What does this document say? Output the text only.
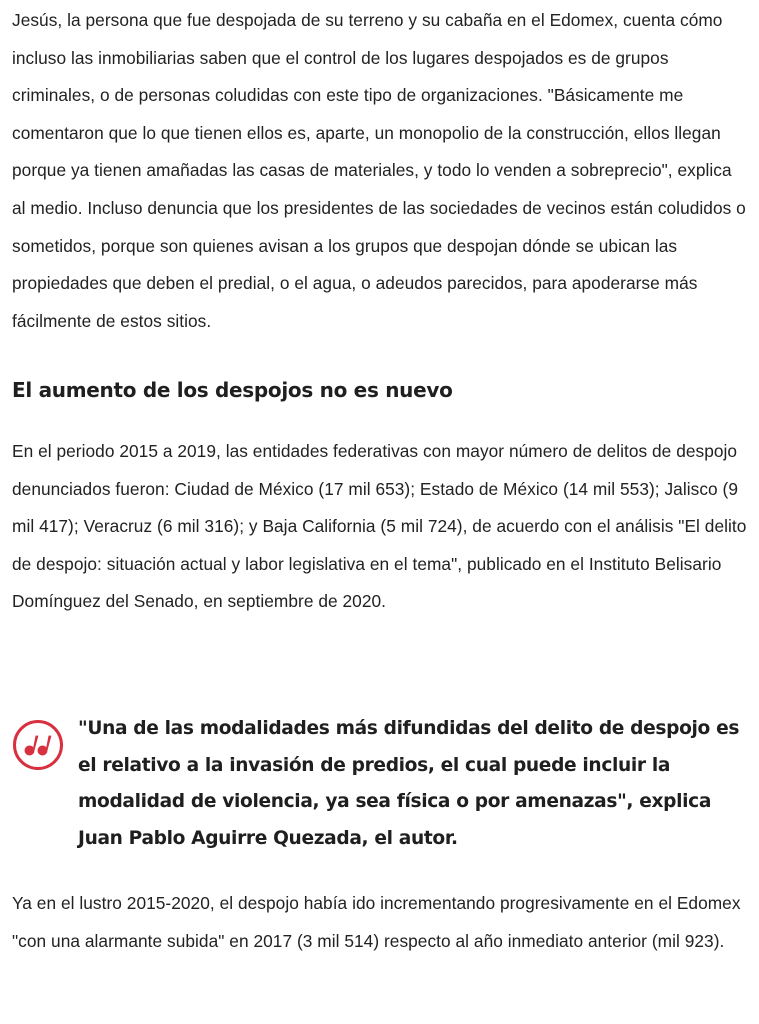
Jesús, la persona que fue despojada de su terreno y su cabaña en el Edomex, cuenta cómo incluso las inmobiliarias saben que el control de los lugares despojados es de grupos criminales, o de personas coludidas con este tipo de organizaciones. "Básicamente me comentaron que lo que tienen ellos es, aparte, un monopolio de la construcción, ellos llegan porque ya tienen amañadas las casas de materiales, y todo lo venden a sobreprecio", explica al medio. Incluso denuncia que los presidentes de las sociedades de vecinos están coludidos o sometidos, porque son quienes avisan a los grupos que despojan dónde se ubican las propiedades que deben el predial, o el agua, o adeudos parecidos, para apoderarse más fácilmente de estos sitios.

El aumento de los despojos no es nuevo

En el periodo 2015 a 2019, las entidades federativas con mayor número de delitos de despojo denunciados fueron: Ciudad de México (17 mil 653); Estado de México (14 mil 553); Jalisco (9 mil 417); Veracruz (6 mil 316); y Baja California (5 mil 724), de acuerdo con el análisis "El delito de despojo: situación actual y labor legislativa en el tema", publicado en el Instituto Belisario Domínguez del Senado, en septiembre de 2020.

"Una de las modalidades más difundidas del delito de despojo es el relativo a la invasión de predios, el cual puede incluir la modalidad de violencia, ya sea física o por amenazas", explica Juan Pablo Aguirre Quezada, el autor.

Ya en el lustro 2015-2020, el despojo había ido incrementando progresivamente en el Edomex "con una alarmante subida" en 2017 (3 mil 514) respecto al año inmediato anterior (mil 923).
